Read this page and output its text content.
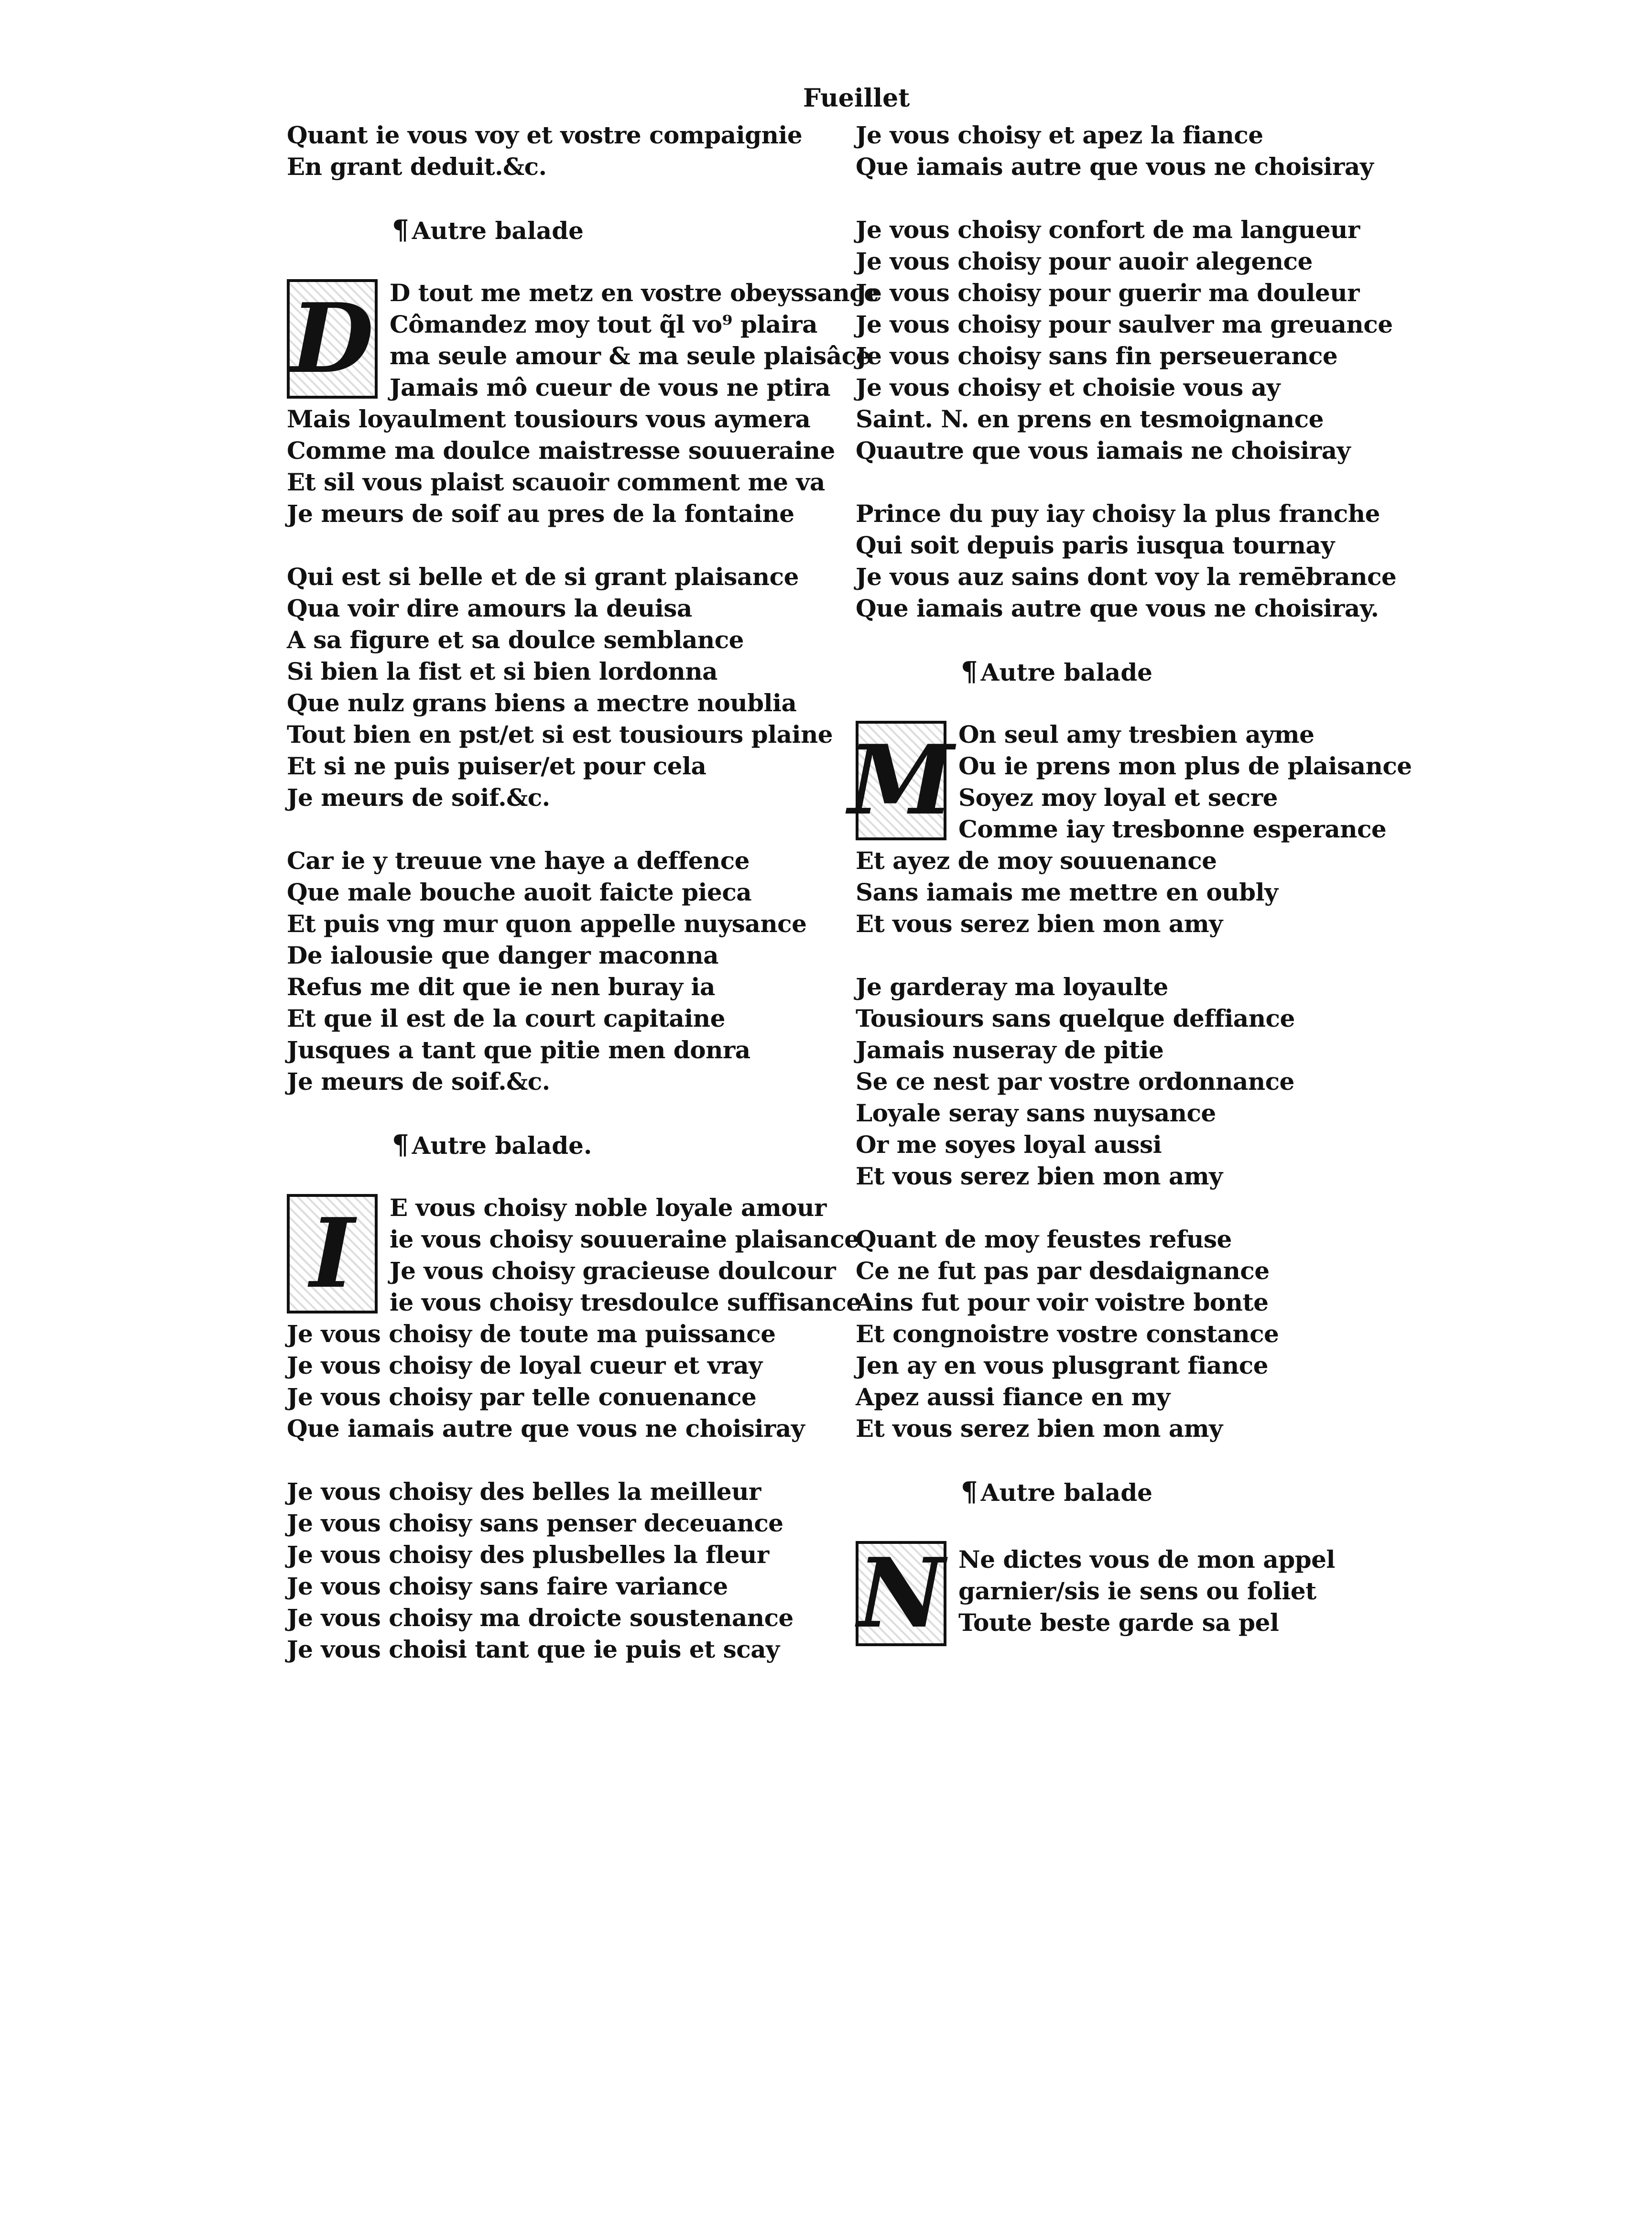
Fueillet
Quant ie vous voy et vostre compaignie
En grant deduit.&c.
¶ Autre balade
D D tout me metz en vostre obeyssance
Cômandez moy tout q̃l vo⁹ plaira
ma seule amour & ma seule plaisâce
Jamais mô cueur de vous ne ptira
Mais loyaulment tousiours vous aymera
Comme ma doulce maistresse souueraine
Et sil vous plaist scauoir comment me va
Je meurs de soif au pres de la fontaine
Qui est si belle et de si grant plaisance
Qua voir dire amours la deuisa
A sa figure et sa doulce semblance
Si bien la fist et si bien lordonna
Que nulz grans biens a mectre noublia
Tout bien en pst/et si est tousiours plaine
Et si ne puis puiser/et pour cela
Je meurs de soif.&c.
Car ie y treuue vne haye a deffence
Que male bouche auoit faicte pieca
Et puis vng mur quon appelle nuysance
De ialousie que danger maconna
Refus me dit que ie nen buray ia
Et que il est de la court capitaine
Jusques a tant que pitie men donra
Je meurs de soif.&c.
¶ Autre balade.
I	E vous choisy noble loyale amour
ie vous choisy souueraine plaisance
Je vous choisy gracieuse doulcour
ie vous choisy tresdoulce suffisance
Je vous choisy de toute ma puissance
Je vous choisy de loyal cueur et vray
Je vous choisy par telle conuenance
Que iamais autre que vous ne choisiray
Je vous choisy des belles la meilleur
Je vous choisy sans penser deceuance
Je vous choisy des plusbelles la fleur
Je vous choisy sans faire variance
Je vous choisy ma droicte soustenance
Je vous choisi tant que ie puis et scay
Je vous choisy et apez la fiance
Que iamais autre que vous ne choisiray
Je vous choisy confort de ma langueur
Je vous choisy pour auoir alegence
Je vous choisy pour guerir ma douleur
Je vous choisy pour saulver ma greuance
Je vous choisy sans fin perseuerance
Je vous choisy et choisie vous ay
Saint. N. en prens en tesmoignance
Quautre que vous iamais ne choisiray
Prince du puy iay choisy la plus franche
Qui soit depuis paris iusqua tournay
Je vous auz sains dont voy la remēbrance
Que iamais autre que vous ne choisiray.
¶ Autre balade
M On seul amy tresbien ayme
Ou ie prens mon plus de plaisance
Soyez moy loyal et secre
Comme iay tresbonne esperance
Et ayez de moy souuenance
Sans iamais me mettre en oubly
Et vous serez bien mon amy
Je garderay ma loyaulte
Tousiours sans quelque deffiance
Jamais nuseray de pitie
Se ce nest par vostre ordonnance
Loyale seray sans nuysance
Or me soyes loyal aussi
Et vous serez bien mon amy
Quant de moy feustes refuse
Ce ne fut pas par desdaignance
Ains fut pour voir voistre bonte
Et congnoistre vostre constance
Jen ay en vous plusgrant fiance
Apez aussi fiance en my
Et vous serez bien mon amy
¶ Autre balade
N Ne dictes vous de mon appel
garnier/sis ie sens ou foliet
Toute beste garde sa pel
